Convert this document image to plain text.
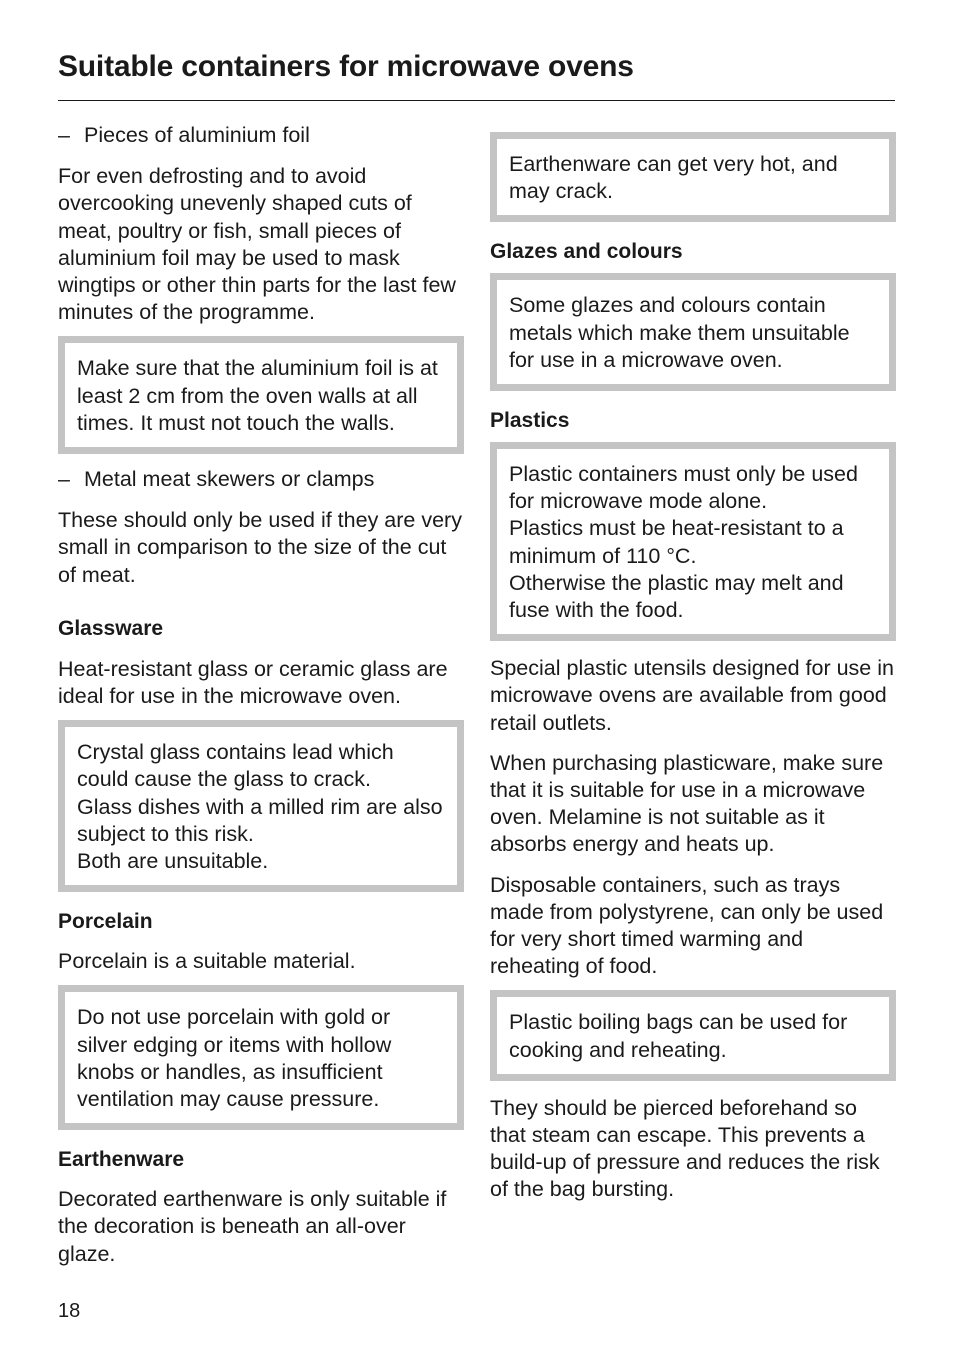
Suitable containers for microwave ovens
– Pieces of aluminium foil

For even defrosting and to avoid overcooking unevenly shaped cuts of meat, poultry or fish, small pieces of aluminium foil may be used to mask wingtips or other thin parts for the last few minutes of the programme.

Make sure that the aluminium foil is at least 2 cm from the oven walls at all times. It must not touch the walls.
– Metal meat skewers or clamps

These should only be used if they are very small in comparison to the size of the cut of meat.

Glassware

Heat-resistant glass or ceramic glass are ideal for use in the microwave oven.

Crystal glass contains lead which could cause the glass to crack.
Glass dishes with a milled rim are also subject to this risk.
Both are unsuitable.
Porcelain

Porcelain is a suitable material.

Do not use porcelain with gold or silver edging or items with hollow knobs or handles, as insufficient ventilation may cause pressure.
Earthenware

Decorated earthenware is only suitable if the decoration is beneath an all-over glaze.

Earthenware can get very hot, and may crack.
Glazes and colours
Some glazes and colours contain metals which make them unsuitable for use in a microwave oven.
Plastics
Plastic containers must only be used for microwave mode alone.
Plastics must be heat-resistant to a minimum of 110 °C.
Otherwise the plastic may melt and fuse with the food.

Special plastic utensils designed for use in microwave ovens are available from good retail outlets.

When purchasing plasticware, make sure that it is suitable for use in a microwave oven. Melamine is not suitable as it absorbs energy and heats up.

Disposable containers, such as trays made from polystyrene, can only be used for very short timed warming and reheating of food.

Plastic boiling bags can be used for cooking and reheating.

They should be pierced beforehand so that steam can escape. This prevents a build-up of pressure and reduces the risk of the bag bursting.

18
